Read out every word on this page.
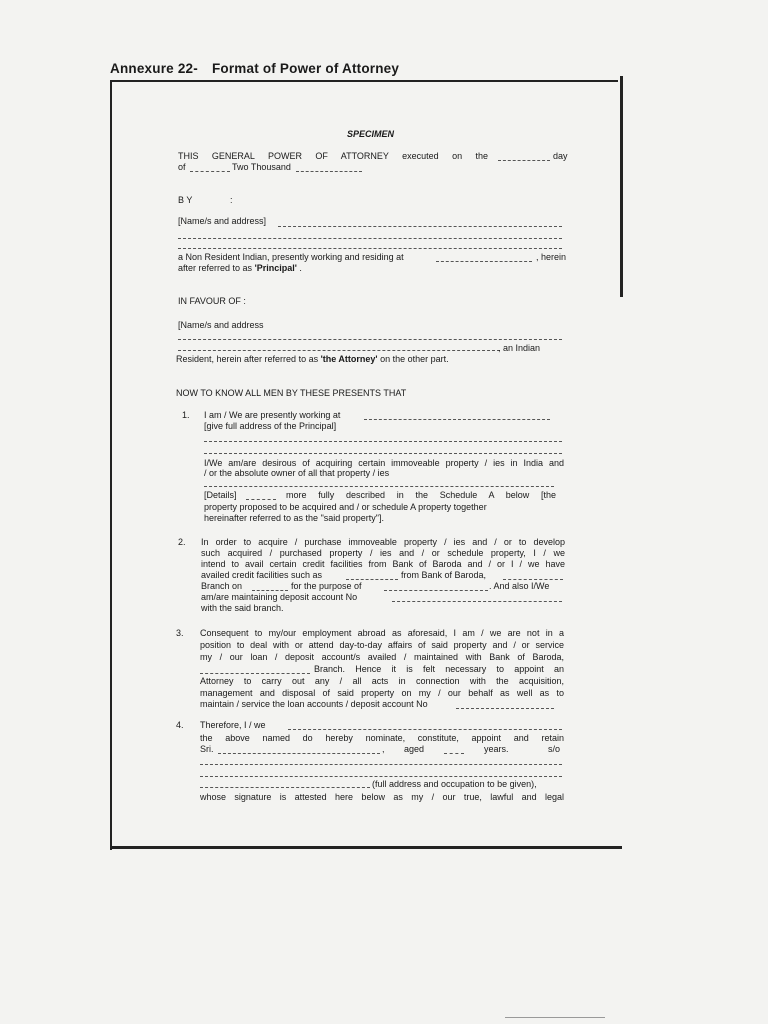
Annexure 22- Format of Power of Attorney
SPECIMEN
THIS GENERAL POWER OF ATTORNEY executed on the	day
of	Two Thousand
B Y	:
[Name/s and address]
a Non Resident Indian, presently working and residing at	, herein
after referred to as 'Principal' .
IN FAVOUR OF :
[Name/s and address
, an Indian
Resident, herein after referred to as 'the Attorney' on the other part.
NOW TO KNOW ALL MEN BY THESE PRESENTS THAT
1. I am / We are presently working at
[give full address of the Principal]
I/We am/are desirous of acquiring certain immoveable property / ies in India and
/ or the absolute owner of all that property / ies
[Details]	more fully described in the Schedule A below [the
property proposed to be acquired and / or schedule A property together
hereinafter referred to as the "said property"].
2. In order to acquire / purchase immoveable property / ies and / or to develop
such acquired / purchased property / ies and / or schedule property, I / we
intend to avail certain credit facilities from Bank of Baroda and / or I / we have
availed credit facilities such as	from Bank of Baroda,
Branch on	for the purpose of	. And also I/We
am/are maintaining deposit account No
with the said branch.
3. Consequent to my/our employment abroad as aforesaid, I am / we are not in a
position to deal with or attend day-to-day affairs of said property and / or service
my / our loan / deposit account/s availed / maintained with Bank of Baroda,
Branch. Hence it is felt necessary to appoint an
Attorney to carry out any / all acts in connection with the acquisition,
management and disposal of said property on my / our behalf as well as to
maintain / service the loan accounts / deposit account No
4. Therefore, I / we
the above named do hereby nominate, constitute, appoint and retain
Sri.	, aged	years.	s/o
(full address and occupation to be given),
whose signature is attested here below as my / our true, lawful and legal
